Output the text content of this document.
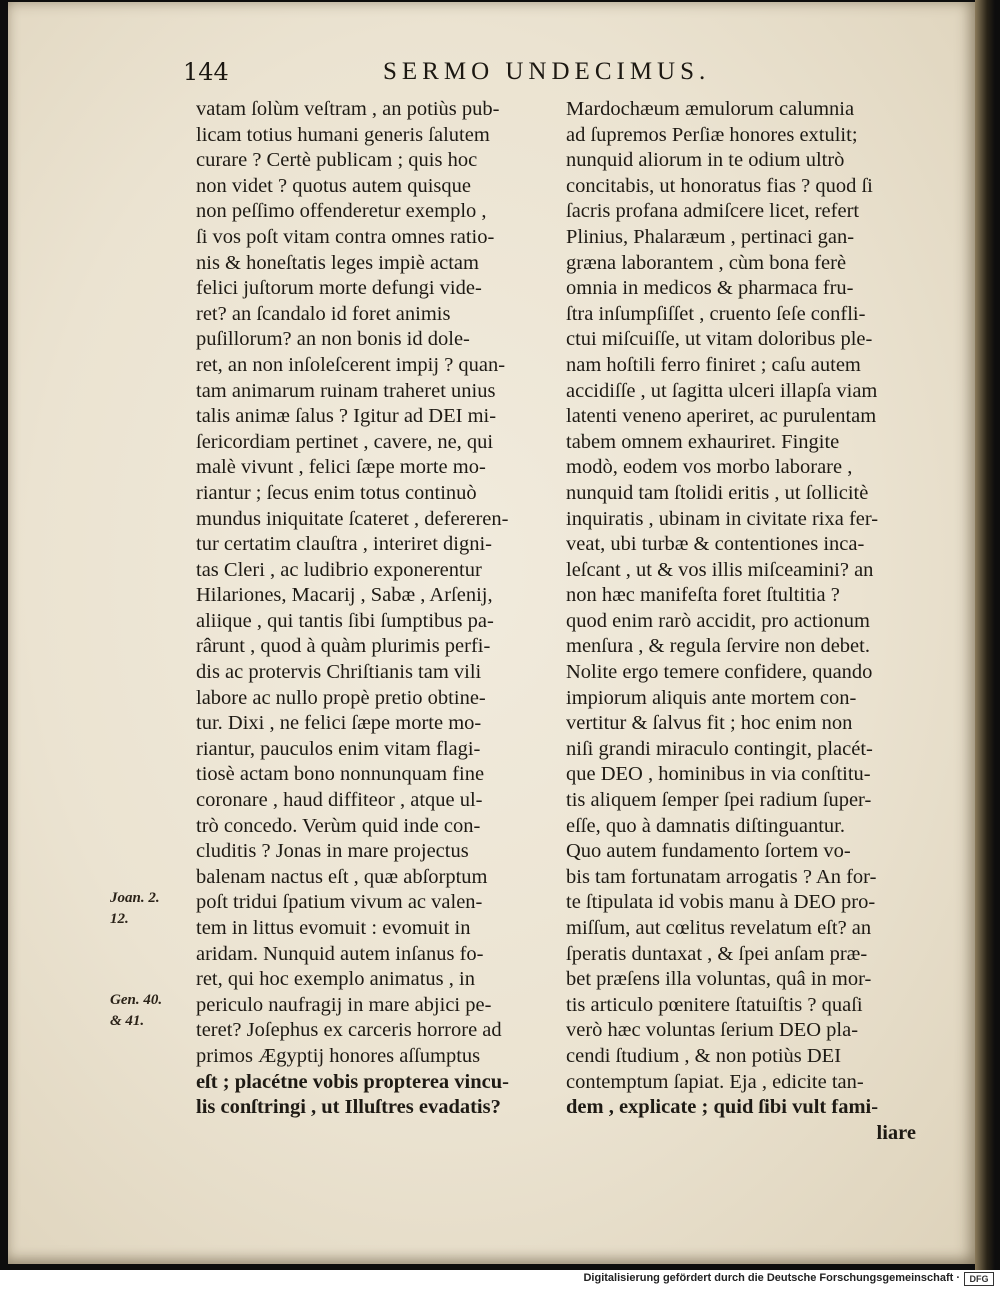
144	SERMO UNDECIMUS.
vatam ſolùm veſtram , an potiùs pub-
licam totius humani generis ſalutem
curare ? Certè publicam ; quis hoc
non videt ? quotus autem quisque
non peſſimo offenderetur exemplo ,
ſi vos poſt vitam contra omnes ratio-
nis & honeſtatis leges impiè actam
felici juſtorum morte defungi vide-
ret? an ſcandalo id foret animis
puſillorum? an non bonis id dole-
ret, an non inſoleſcerent impij ? quan-
tam animarum ruinam traheret unius
talis animæ ſalus ? Igitur ad DEI mi-
ſericordiam pertinet , cavere, ne, qui
malè vivunt , felici ſæpe morte mo-
riantur ; ſecus enim totus continuò
mundus iniquitate ſcateret , defereren-
tur certatim clauſtra , interiret digni-
tas Cleri , ac ludibrio exponerentur
Hilariones, Macarij , Sabæ , Arſenij,
aliique , qui tantis ſibi ſumptibus pa-
rârunt , quod à quàm plurimis perfi-
dis ac protervis Chriſtianis tam vili
labore ac nullo propè pretio obtine-
tur. Dixi , ne felici ſæpe morte mo-
riantur, pauculos enim vitam flagi-
tiosè actam bono nonnunquam fine
coronare , haud diffiteor , atque ul-
trò concedo. Verùm quid inde con-
cluditis ? Jonas in mare projectus
balenam nactus eſt , quæ abſorptum
poſt tridui ſpatium vivum ac valen-
tem in littus evomuit : evomuit in
aridam. Nunquid autem inſanus fo-
ret, qui hoc exemplo animatus , in
periculo naufragij in mare abjici pe-
teret? Joſephus ex carceris horrore ad
primos Ægyptij honores aſſumptus
eſt ; placétne vobis propterea vincu-
lis conſtringi , ut Illuſtres evadatis?
Mardochæum æmulorum calumnia
ad ſupremos Perſiæ honores extulit;
nunquid aliorum in te odium ultrò
concitabis, ut honoratus fias ? quod ſi
ſacris profana admiſcere licet, refert
Plinius, Phalaræum , pertinaci gan-
græna laborantem , cùm bona ferè
omnia in medicos & pharmaca fru-
ſtra inſumpſiſſet , cruento ſeſe confli-
ctui miſcuiſſe, ut vitam doloribus ple-
nam hoſtili ferro finiret ; caſu autem
accidiſſe , ut ſagitta ulceri illapſa viam
latenti veneno aperiret, ac purulentam
tabem omnem exhauriret. Fingite
modò, eodem vos morbo laborare ,
nunquid tam ſtolidi eritis , ut ſollicitè
inquiratis , ubinam in civitate rixa fer-
veat, ubi turbæ & contentiones inca-
leſcant , ut & vos illis miſceamini? an
non hæc manifeſta foret ſtultitia ?
quod enim rarò accidit, pro actionum
menſura , & regula ſervire non debet.
Nolite ergo temere confidere, quando
impiorum aliquis ante mortem con-
vertitur & ſalvus fit ; hoc enim non
niſi grandi miraculo contingit, placét-
que DEO , hominibus in via conſtitu-
tis aliquem ſemper ſpei radium ſuper-
eſſe, quo à damnatis diſtinguantur.
Quo autem fundamento ſortem vo-
bis tam fortunatam arrogatis ? An for-
te ſtipulata id vobis manu à DEO pro-
miſſum, aut cœlitus revelatum eſt? an
ſperatis duntaxat , & ſpei anſam præ-
bet præſens illa voluntas, quâ in mor-
tis articulo pœnitere ſtatuiſtis ? quaſi
verò hæc voluntas ſerium DEO pla-
cendi ſtudium , & non potiùs DEI
contemptum ſapiat. Eja , edicite tan-
dem , explicate ; quid ſibi vult fami-
liare
Joan. 2.
12.
Gen. 40.
& 41.
Digitalisierung gefördert durch die Deutsche Forschungsgemeinschaft ·	DFG
